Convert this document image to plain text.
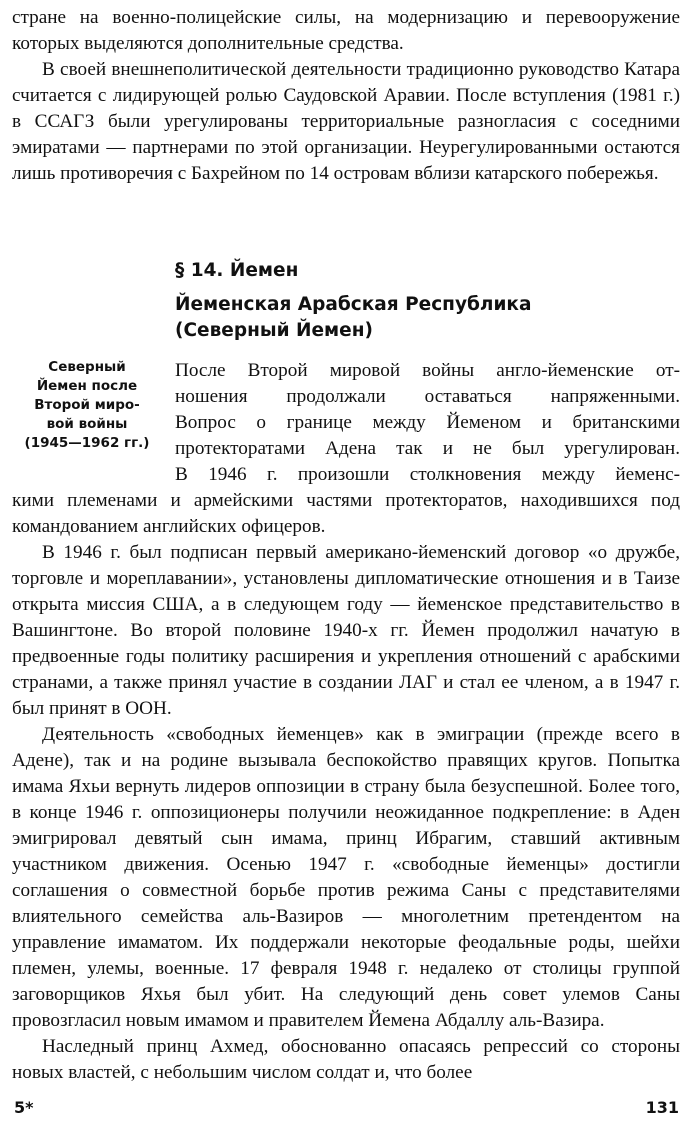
стране на военно-полицейские силы, на модернизацию и перевооружение которых выделяются дополнительные средства.

В своей внешнеполитической деятельности традиционно руководство Катара считается с лидирующей ролью Саудовской Аравии. После вступления (1981 г.) в ССАГЗ были урегулированы территориальные разногласия с соседними эмиратами — партнерами по этой организации. Неурегулированными остаются лишь противоречия с Бахрейном по 14 островам вблизи катарского побережья.

§ 14. Йемен
Йеменская Арабская Республика
(Северный Йемен)
Северный
Йемен после
Второй миро-
вой войны
(1945—1962 гг.)
После Второй мировой войны англо-йеменские от-
ношения продолжали оставаться напряженными.
Вопрос о границе между Йеменом и британскими
протекторатами Адена так и не был урегулирован.
В 1946 г. произошли столкновения между йеменс-

кими племенами и армейскими частями протекторатов, находившихся под командованием английских офицеров.

В 1946 г. был подписан первый американо-йеменский договор «о дружбе, торговле и мореплавании», установлены дипломатические отношения и в Таизе открыта миссия США, а в следующем году — йеменское представительство в Вашингтоне. Во второй половине 1940-х гг. Йемен продолжил начатую в предвоенные годы политику расширения и укрепления отношений с арабскими странами, а также принял участие в создании ЛАГ и стал ее членом, а в 1947 г. был принят в ООН.

Деятельность «свободных йеменцев» как в эмиграции (прежде всего в Адене), так и на родине вызывала беспокойство правящих кругов. Попытка имама Яхьи вернуть лидеров оппозиции в страну была безуспешной. Более того, в конце 1946 г. оппозиционеры получили неожиданное подкрепление: в Аден эмигрировал девятый сын имама, принц Ибрагим, ставший активным участником движения. Осенью 1947 г. «свободные йеменцы» достигли соглашения о совместной борьбе против режима Саны с представителями влиятельного семейства аль-Вазиров — многолетним претендентом на управление имаматом. Их поддержали некоторые феодальные роды, шейхи племен, улемы, военные. 17 февраля 1948 г. недалеко от столицы группой заговорщиков Яхья был убит. На следующий день совет улемов Саны провозгласил новым имамом и правителем Йемена Абдаллу аль-Вазира.

Наследный принц Ахмед, обоснованно опасаясь репрессий со стороны новых властей, с небольшим числом солдат и, что более

5*	131
